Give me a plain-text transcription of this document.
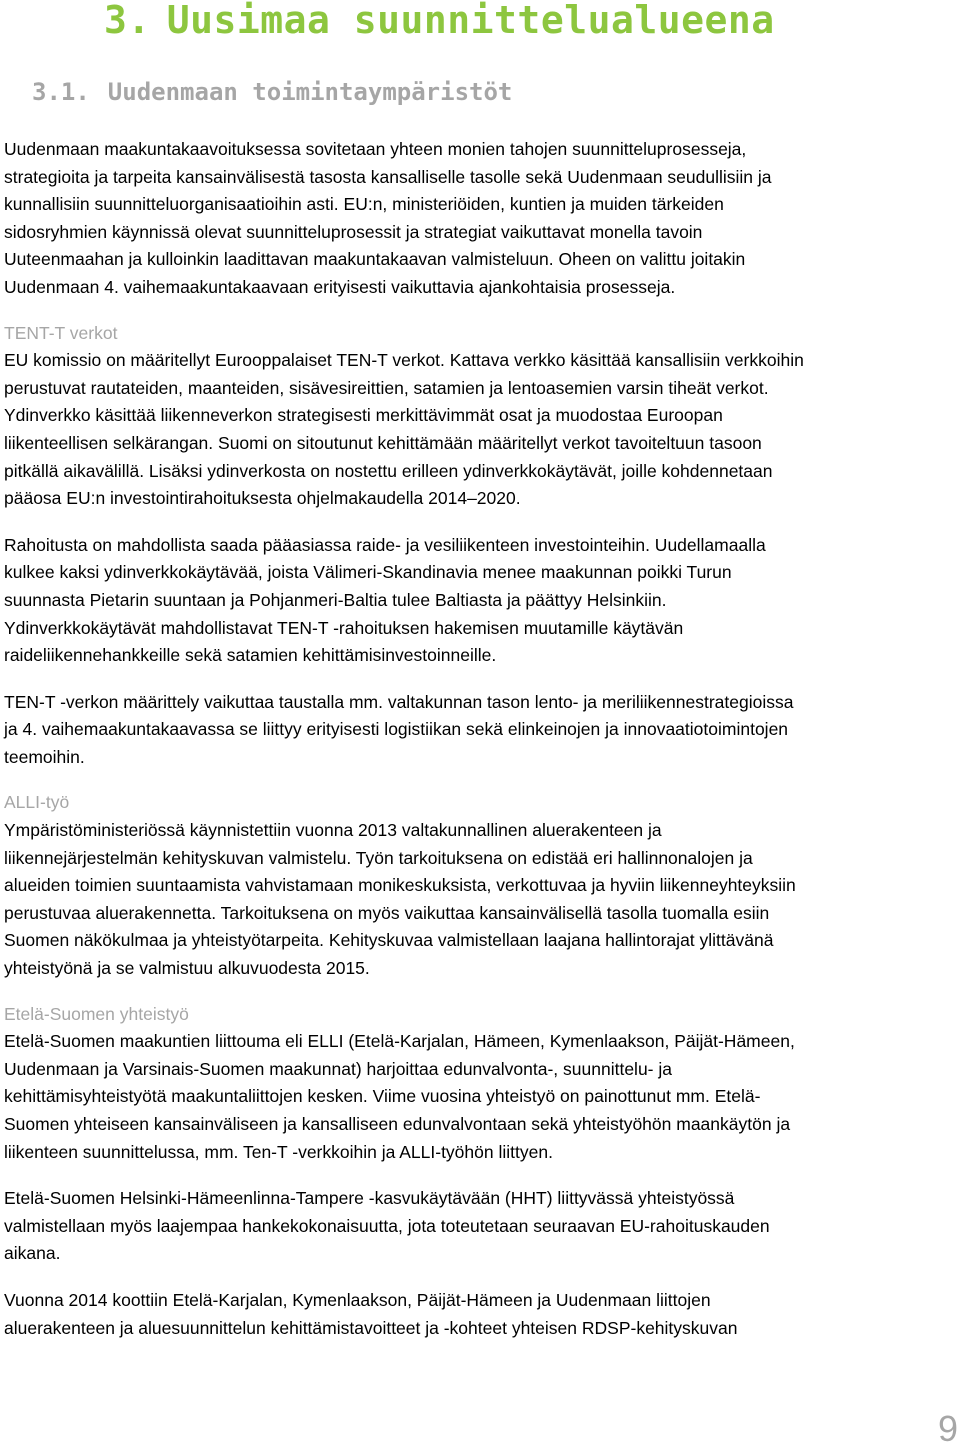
3. Uusimaa suunnittelualueena
3.1. Uudenmaan toimintaympäristöt

Uudenmaan maakuntakaavoituksessa sovitetaan yhteen monien tahojen suunnitteluprosesseja,
strategioita ja tarpeita kansainvälisestä tasosta kansalliselle tasolle sekä Uudenmaan seudullisiin ja
kunnallisiin suunnitteluorganisaatioihin asti. EU:n, ministeriöiden, kuntien ja muiden tärkeiden
sidosryhmien käynnissä olevat suunnitteluprosessit ja strategiat vaikuttavat monella tavoin
Uuteenmaahan ja kulloinkin laadittavan maakuntakaavan valmisteluun. Oheen on valittu joitakin
Uudenmaan 4. vaihemaakuntakaavaan erityisesti vaikuttavia ajankohtaisia prosesseja.

TENT-T verkot

EU komissio on määritellyt Eurooppalaiset TEN-T verkot. Kattava verkko käsittää kansallisiin verkkoihin
perustuvat rautateiden, maanteiden, sisävesireittien, satamien ja lentoasemien varsin tiheät verkot.
Ydinverkko käsittää liikenneverkon strategisesti merkittävimmät osat ja muodostaa Euroopan
liikenteellisen selkärangan. Suomi on sitoutunut kehittämään määritellyt verkot tavoiteltuun tasoon
pitkällä aikavälillä. Lisäksi ydinverkosta on nostettu erilleen ydinverkkokäytävät, joille kohdennetaan
pääosa EU:n investointirahoituksesta ohjelmakaudella 2014–2020.

Rahoitusta on mahdollista saada pääasiassa raide- ja vesiliikenteen investointeihin. Uudellamaalla
kulkee kaksi ydinverkkokäytävää, joista Välimeri-Skandinavia menee maakunnan poikki Turun
suunnasta Pietarin suuntaan ja Pohjanmeri-Baltia tulee Baltiasta ja päättyy Helsinkiin.
Ydinverkkokäytävät mahdollistavat TEN-T -rahoituksen hakemisen muutamille käytävän
raideliikennehankkeille sekä satamien kehittämisinvestoinneille.

TEN-T -verkon määrittely vaikuttaa taustalla mm. valtakunnan tason lento- ja meriliikennestrategioissa
ja 4. vaihemaakuntakaavassa se liittyy erityisesti logistiikan sekä elinkeinojen ja innovaatiotoimintojen
teemoihin.

ALLI-työ

Ympäristöministeriössä käynnistettiin vuonna 2013 valtakunnallinen aluerakenteen ja
liikennejärjestelmän kehityskuvan valmistelu. Työn tarkoituksena on edistää eri hallinnonalojen ja
alueiden toimien suuntaamista vahvistamaan monikeskuksista, verkottuvaa ja hyviin liikenneyhteyksiin
perustuvaa aluerakennetta. Tarkoituksena on myös vaikuttaa kansainvälisellä tasolla tuomalla esiin
Suomen näkökulmaa ja yhteistyötarpeita. Kehityskuvaa valmistellaan laajana hallintorajat ylittävänä
yhteistyönä ja se valmistuu alkuvuodesta 2015.

Etelä-Suomen yhteistyö

Etelä-Suomen maakuntien liittouma eli ELLI (Etelä-Karjalan, Hämeen, Kymenlaakson, Päijät-Hämeen,
Uudenmaan ja Varsinais-Suomen maakunnat) harjoittaa edunvalvonta-, suunnittelu- ja
kehittämisyhteistyötä maakuntaliittojen kesken. Viime vuosina yhteistyö on painottunut mm. Etelä-
Suomen yhteiseen kansainväliseen ja kansalliseen edunvalvontaan sekä yhteistyöhön maankäytön ja
liikenteen suunnittelussa, mm. Ten-T -verkkoihin ja ALLI-työhön liittyen.

Etelä-Suomen Helsinki-Hämeenlinna-Tampere -kasvukäytävään (HHT) liittyvässä yhteistyössä
valmistellaan myös laajempaa hankekokonaisuutta, jota toteutetaan seuraavan EU-rahoituskauden
aikana.

Vuonna 2014 koottiin Etelä-Karjalan, Kymenlaakson, Päijät-Hämeen ja Uudenmaan liittojen
aluerakenteen ja aluesuunnittelun kehittämistavoitteet ja -kohteet yhteisen RDSP-kehityskuvan

9
